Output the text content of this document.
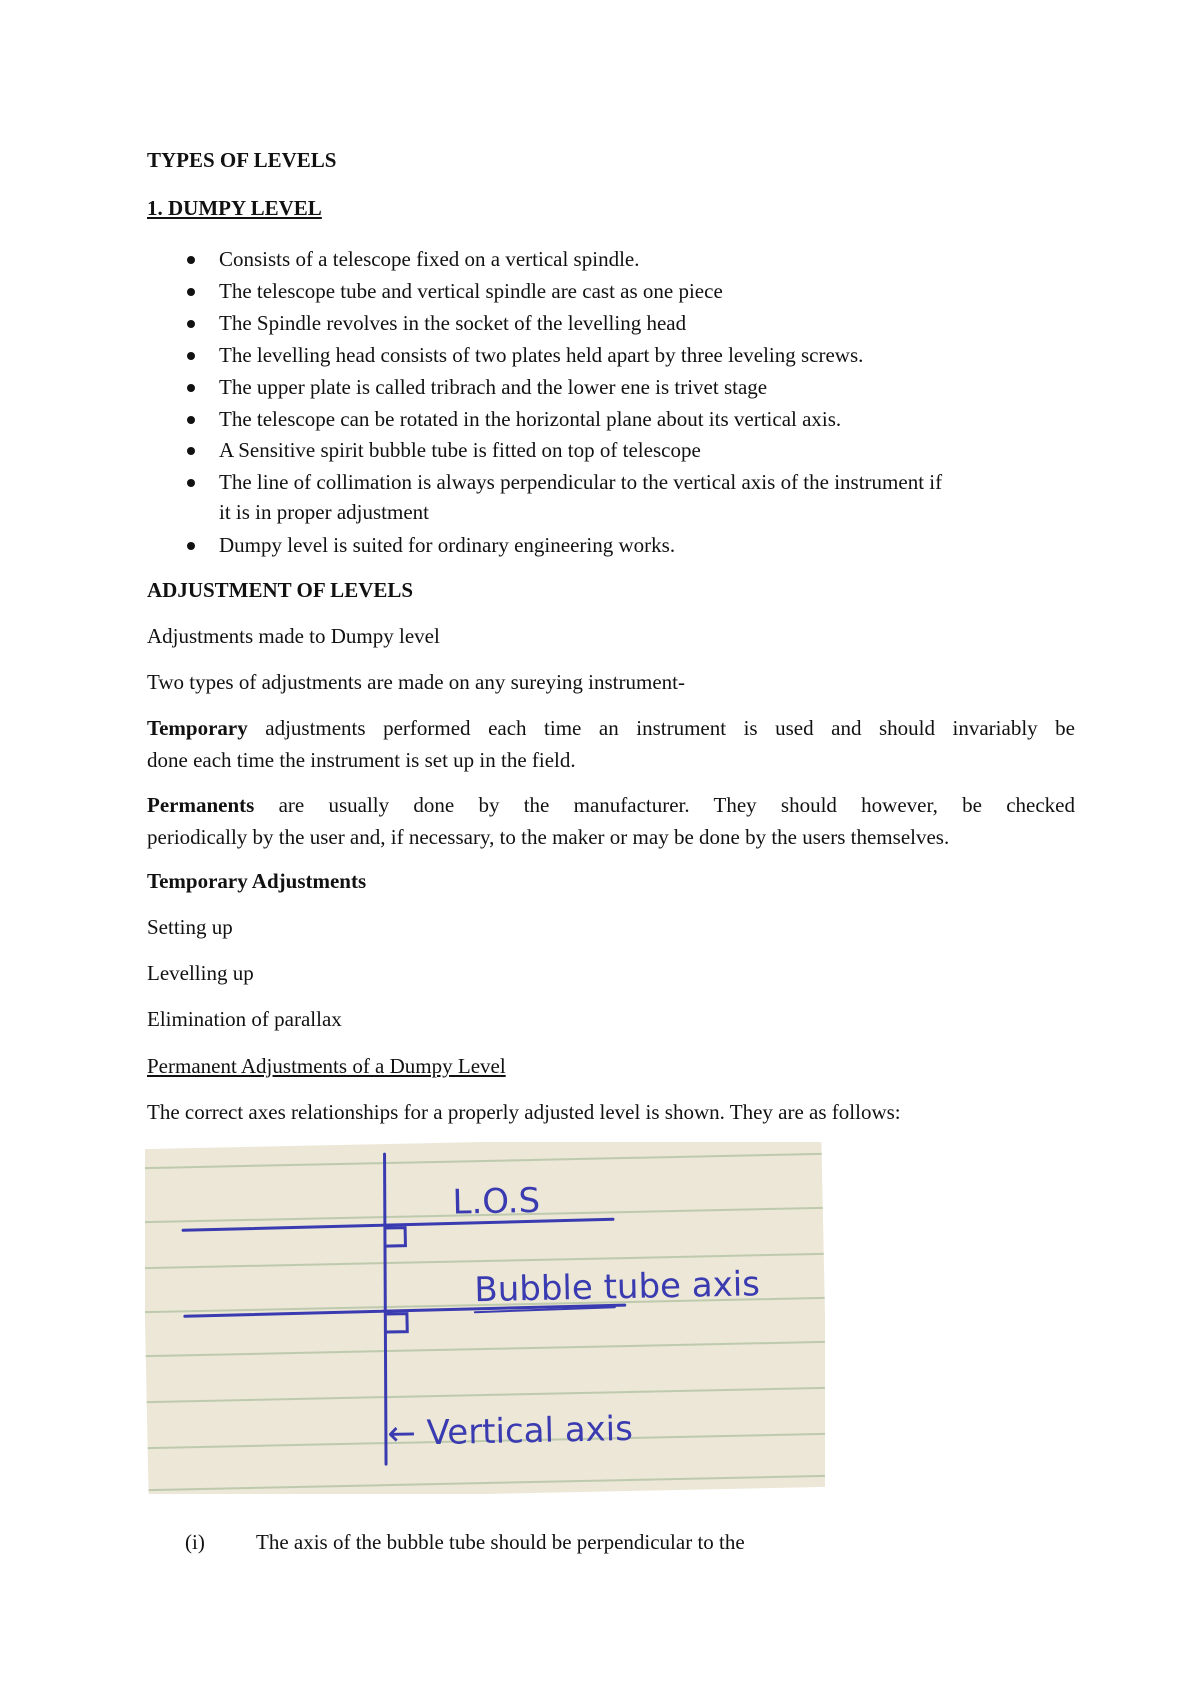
TYPES OF LEVELS
1. DUMPY LEVEL
Consists of a telescope fixed on a vertical spindle.
The telescope tube and vertical spindle are cast as one piece
The Spindle revolves in the socket of the levelling head
The levelling head consists of two plates held apart by three leveling screws.
The upper plate is called tribrach and the lower ene is trivet stage
The telescope can be rotated in the horizontal plane about its vertical axis.
A Sensitive spirit bubble tube is fitted on top of telescope
The line of collimation is always perpendicular to the vertical axis of the instrument if
it is in proper adjustment
Dumpy level is suited for ordinary engineering works.
ADJUSTMENT OF LEVELS
Adjustments made to Dumpy level
Two types of adjustments are made on any sureying instrument-
Temporary adjustments performed each time an instrument is used and should invariably be
done each time the instrument is set up in the field.
Permanents are usually done by the manufacturer. They should however, be checked
periodically by the user and, if necessary, to the maker or may be done by the users themselves.
Temporary Adjustments
Setting up
Levelling up
Elimination of parallax
Permanent Adjustments of a Dumpy Level
The correct axes relationships for a properly adjusted level is shown. They are as follows:
L.O.S
Bubble tube axis
← Vertical axis
(i) The axis of the bubble tube should be perpendicular to the
